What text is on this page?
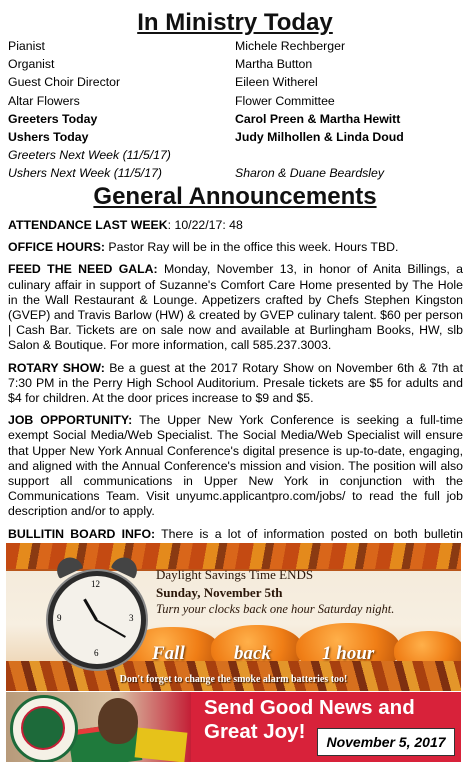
In Ministry Today
Pianist	Michele Rechberger
Organist	Martha Button
Guest Choir Director	Eileen Witherel
Altar Flowers	Flower Committee
Greeters Today	Carol Preen & Martha Hewitt
Ushers Today	Judy Milhollen & Linda Doud
Greeters Next Week (11/5/17)
Ushers Next Week (11/5/17)	Sharon & Duane Beardsley
General Announcements

ATTENDANCE LAST WEEK: 10/22/17: 48

OFFICE HOURS: Pastor Ray will be in the office this week. Hours TBD.

FEED THE NEED GALA: Monday, November 13, in honor of Anita Billings, a culinary affair in support of Suzanne's Comfort Care Home presented by The Hole in the Wall Restaurant & Lounge. Appetizers crafted by Chefs Stephen Kingston (GVEP) and Travis Barlow (HW) & created by GVEP culinary talent. $60 per person | Cash Bar. Tickets are on sale now and available at Burlingham Books, HW, slb Salon & Boutique. For more information, call 585.237.3003.

ROTARY SHOW: Be a guest at the 2017 Rotary Show on November 6th & 7th at 7:30 PM in the Perry High School Auditorium. Presale tickets are $5 for adults and $4 for children. At the door prices increase to $9 and $5.

JOB OPPORTUNITY: The Upper New York Conference is seeking a full-time exempt Social Media/Web Specialist. The Social Media/Web Specialist will ensure that Upper New York Annual Conference's digital presence is up-to-date, engaging, and aligned with the Annual Conference's mission and vision. The position will also support all communications in Upper New York in conjunction with the Communications Team. Visit unyumc.applicantpro.com/jobs/ to read the full job description and/or to apply.

BULLITIN BOARD INFO: There is a lot of information posted on both bulletin

12
3
6
9
Daylight Savings Time ENDS
Sunday, November 5th
Turn your clocks back one hour Saturday night.
Fall	back	1 hour
Don't forget to change the smoke alarm batteries too!
Send Good News and Great Joy!	November 5, 2017
